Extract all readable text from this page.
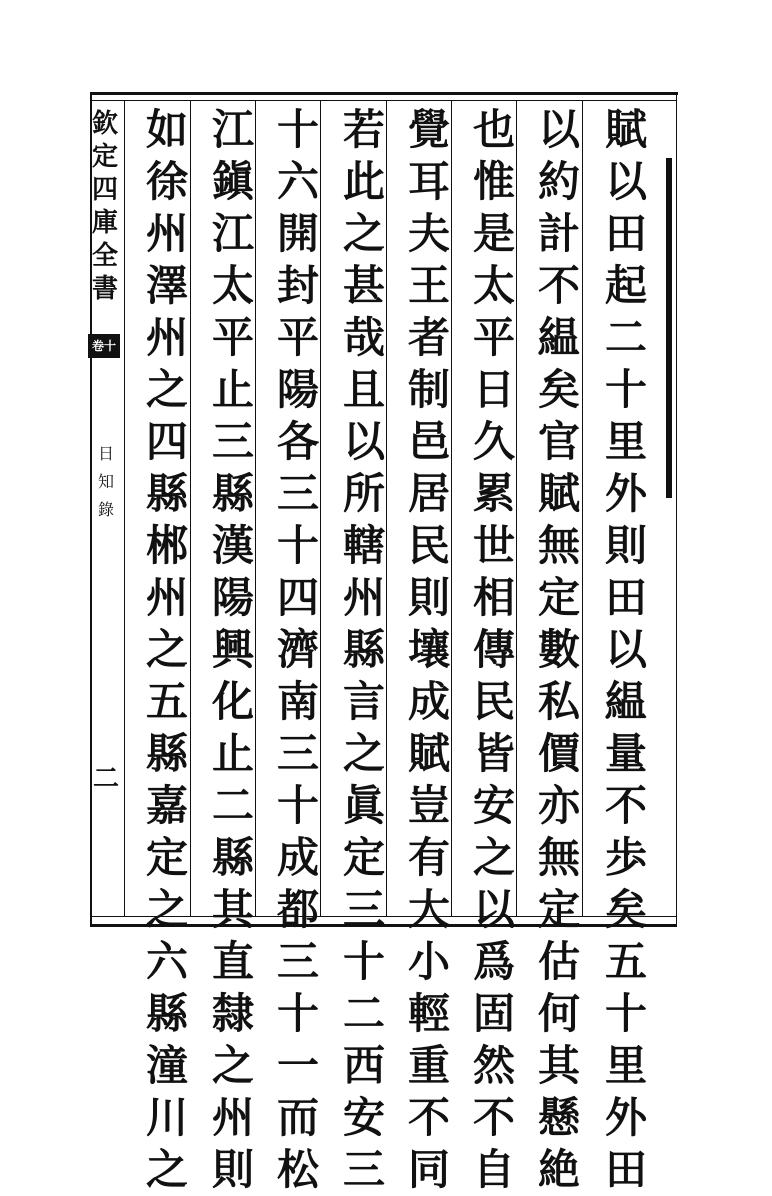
欽
定
四
庫
全
書
卷十
日
知
錄
二
賦
以
田
起
二
十
里
外
則
田
以
緼
量
不
歩
矣
五
十
里
外
田
以
約
計
不
緼
矣
官
賦
無
定
數
私
價
亦
無
定
估
何
其
懸
絶
也
惟
是
太
平
日
久
累
世
相
傳
民
皆
安
之
以
爲
固
然
不
自
覺
耳
夫
王
者
制
邑
居
民
則
壤
成
賦
豈
有
大
小
輕
重
不
同
若
此
之
甚
哉
且
以
所
轄
州
縣
言
之
眞
定
三
十
二
西
安
三
十
六
開
封
平
陽
各
三
十
四
濟
南
三
十
成
都
三
十
一
而
松
江
鎭
江
太
平
止
三
縣
漢
陽
興
化
止
二
縣
其
直
隸
之
州
則
如
徐
州
澤
州
之
四
縣
郴
州
之
五
縣
嘉
定
之
六
縣
潼
川
之
